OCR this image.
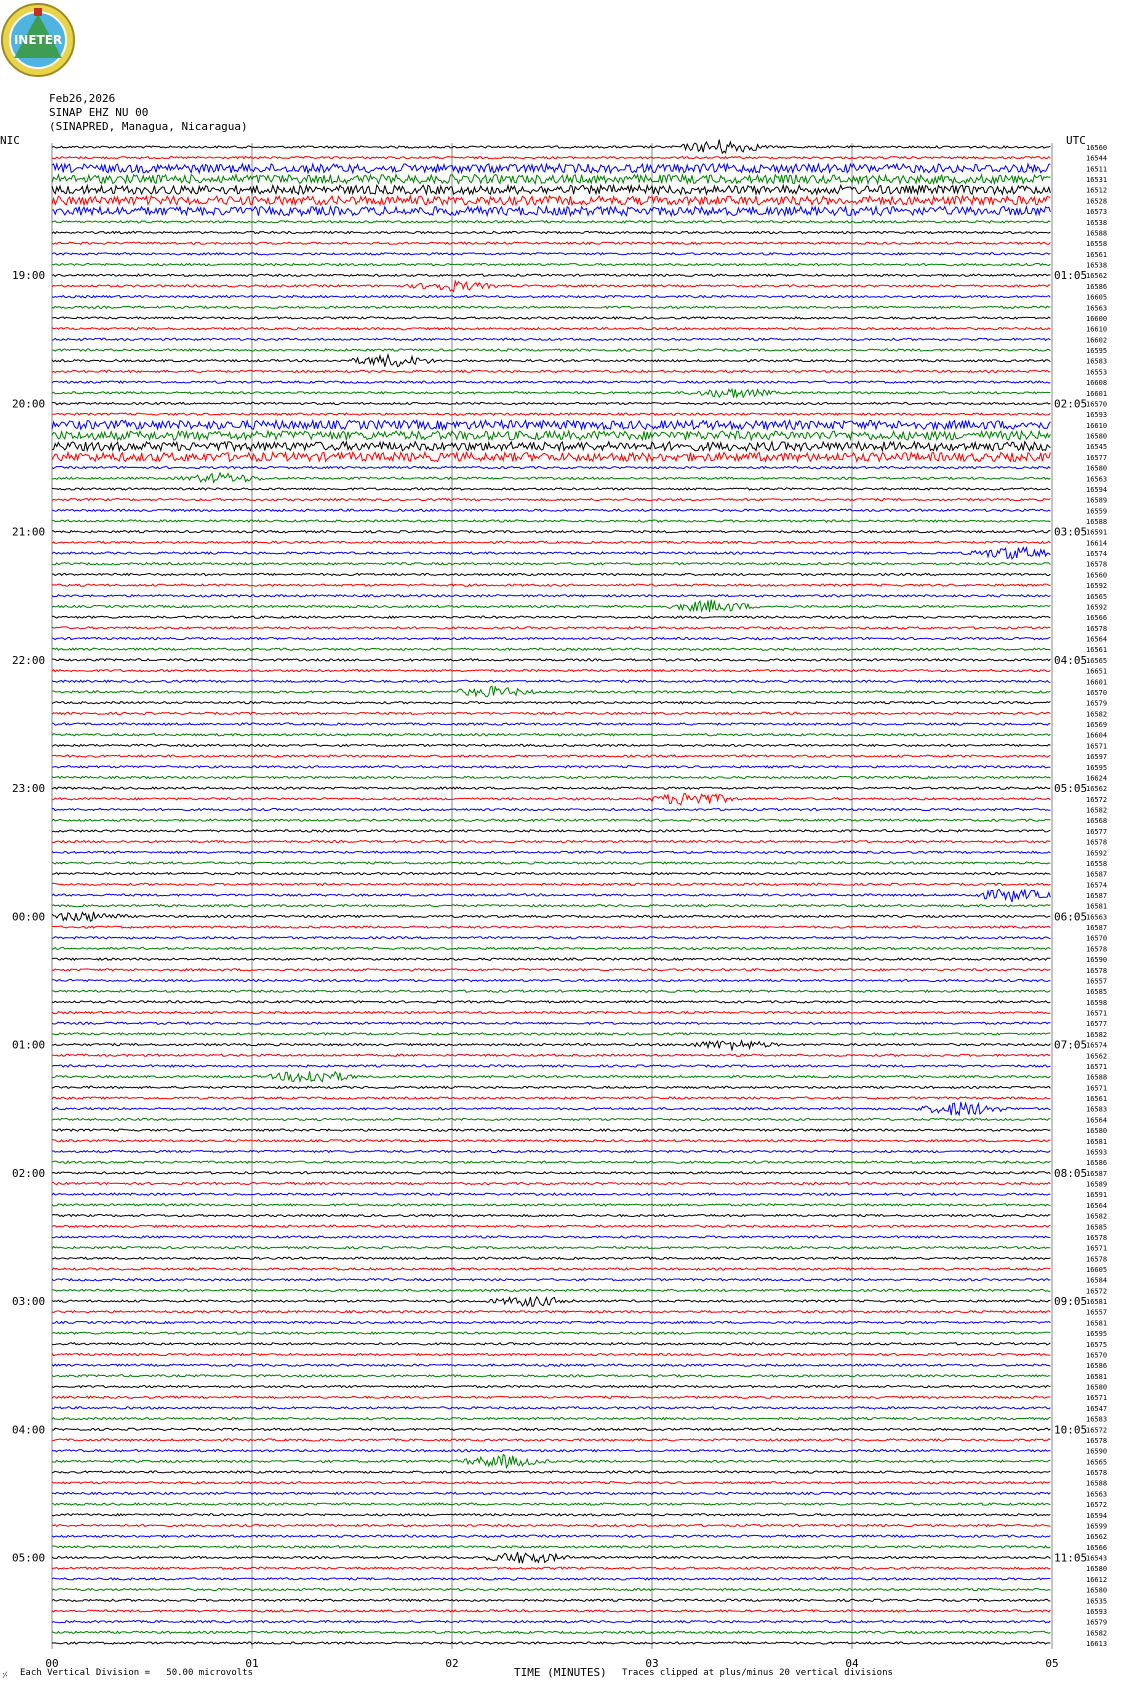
INETER
Feb26,2026
SINAP EHZ NU 00
(SINAPRED, Managua, Nicaragua)
00	01	02	03	04	05
16560
16544
16511
16531
16512
16528
16573
16538
16588
16558
16561
16538
16562
16586
16605
16563
16600
16610
16602
16595
16583
16553
16608
16601
16570
16593
16610
16580
16545
16577
16580
16563
16594
16589
16559
16588
16591
16614
16574
16578
16560
16592
16565
16592
16566
16578
16564
16561
16565
16651
16601
16570
16579
16582
16569
16604
16571
16597
16595
16624
16562
16572
16582
16568
16577
16578
16592
16558
16587
16574
16587
16581
16563
16587
16570
16578
16590
16578
16557
16585
16598
16571
16577
16582
16574
16562
16571
16588
16571
16561
16583
16564
16580
16581
16593
16586
16587
16589
16591
16564
16582
16585
16578
16571
16578
16605
16584
16572
16581
16557
16581
16595
16575
16570
16586
16581
16580
16571
16547
16583
16572
16578
16590
16565
16578
16588
16563
16572
16594
16599
16562
16566
16543
16580
16612
16580
16535
16593
16579
16582
16613
19:00
20:00
21:00
22:00
23:00
00:00
01:00
02:00
03:00
04:00
05:00
01:05
02:05
03:05
04:05
05:05
06:05
07:05
08:05
09:05
10:05
11:05
NIC	UTC
⸓ Each Vertical Division =   50.00 microvolts	TIME (MINUTES) Traces clipped at plus/minus 20 vertical divisions
